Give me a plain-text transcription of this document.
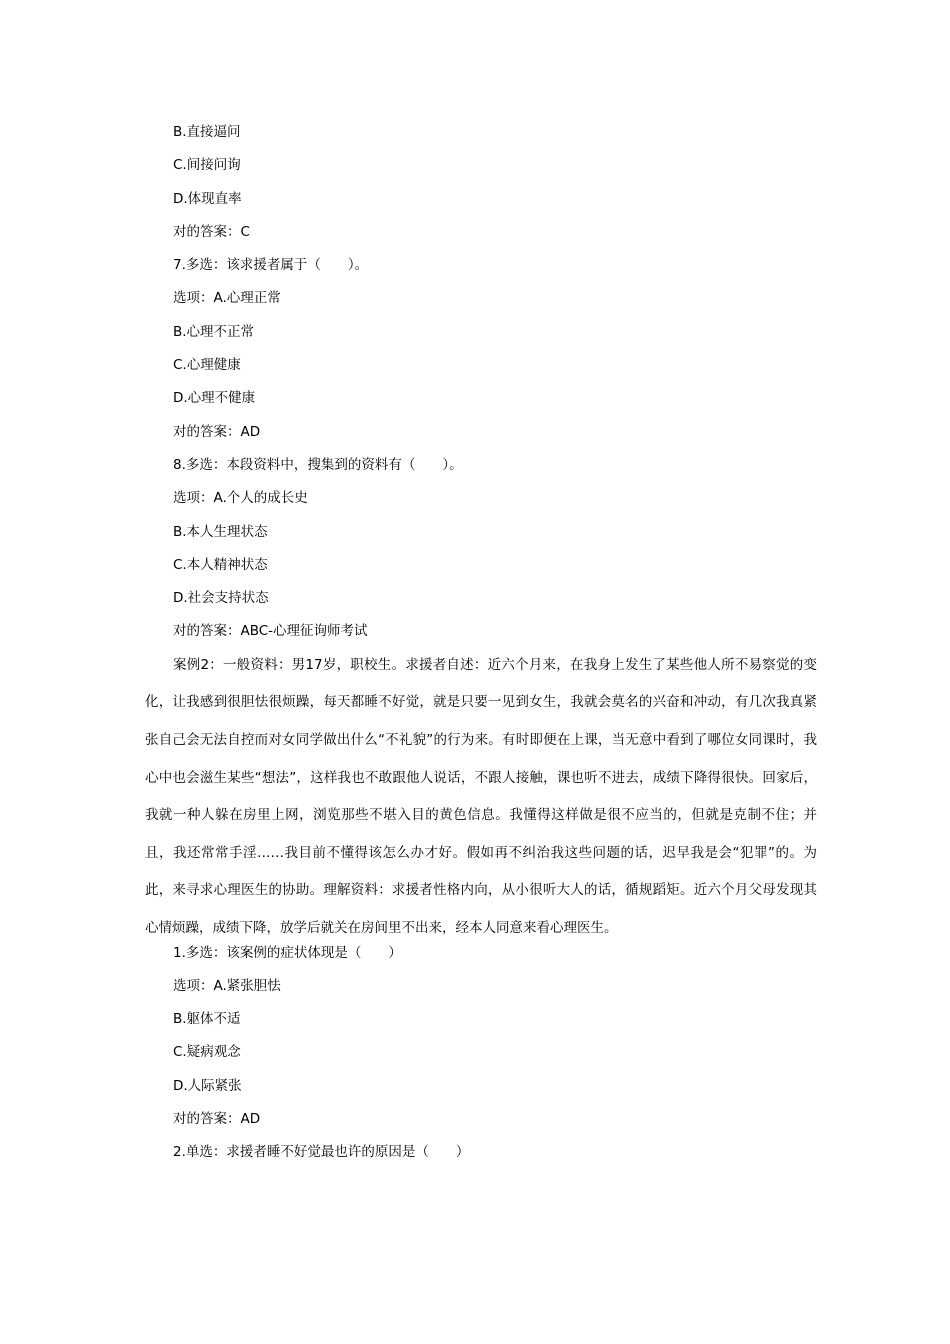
B.直接逼问
C.间接问询
D.体现直率
对的答案：C
7.多选：该求援者属于（　　）。
选项：A.心理正常
B.心理不正常
C.心理健康
D.心理不健康
对的答案：AD
8.多选：本段资料中，搜集到的资料有（　　）。
选项：A.个人的成长史
B.本人生理状态
C.本人精神状态
D.社会支持状态
对的答案：ABC-心理征询师考试

案例2：一般资料：男17岁，职校生。求援者自述：近六个月来，在我身上发生了某些他人所不易察觉的变化，让我感到很胆怯很烦躁，每天都睡不好觉，就是只要一见到女生，我就会莫名的兴奋和冲动，有几次我真紧张自己会无法自控而对女同学做出什么“不礼貌”的行为来。有时即便在上课，当无意中看到了哪位女同课时，我心中也会滋生某些“想法”，这样我也不敢跟他人说话，不跟人接触，课也听不进去，成绩下降得很快。回家后，我就一种人躲在房里上网，浏览那些不堪入目的黄色信息。我懂得这样做是很不应当的，但就是克制不住；并且，我还常常手淫……我目前不懂得该怎么办才好。假如再不纠治我这些问题的话，迟早我是会“犯罪”的。为此，来寻求心理医生的协助。理解资料：求援者性格内向，从小很听大人的话，循规蹈矩。近六个月父母发现其心情烦躁，成绩下降，放学后就关在房间里不出来，经本人同意来看心理医生。

1.多选：该案例的症状体现是（　　）
选项：A.紧张胆怯
B.躯体不适
C.疑病观念
D.人际紧张
对的答案：AD
2.单选：求援者睡不好觉最也许的原因是（　　）
